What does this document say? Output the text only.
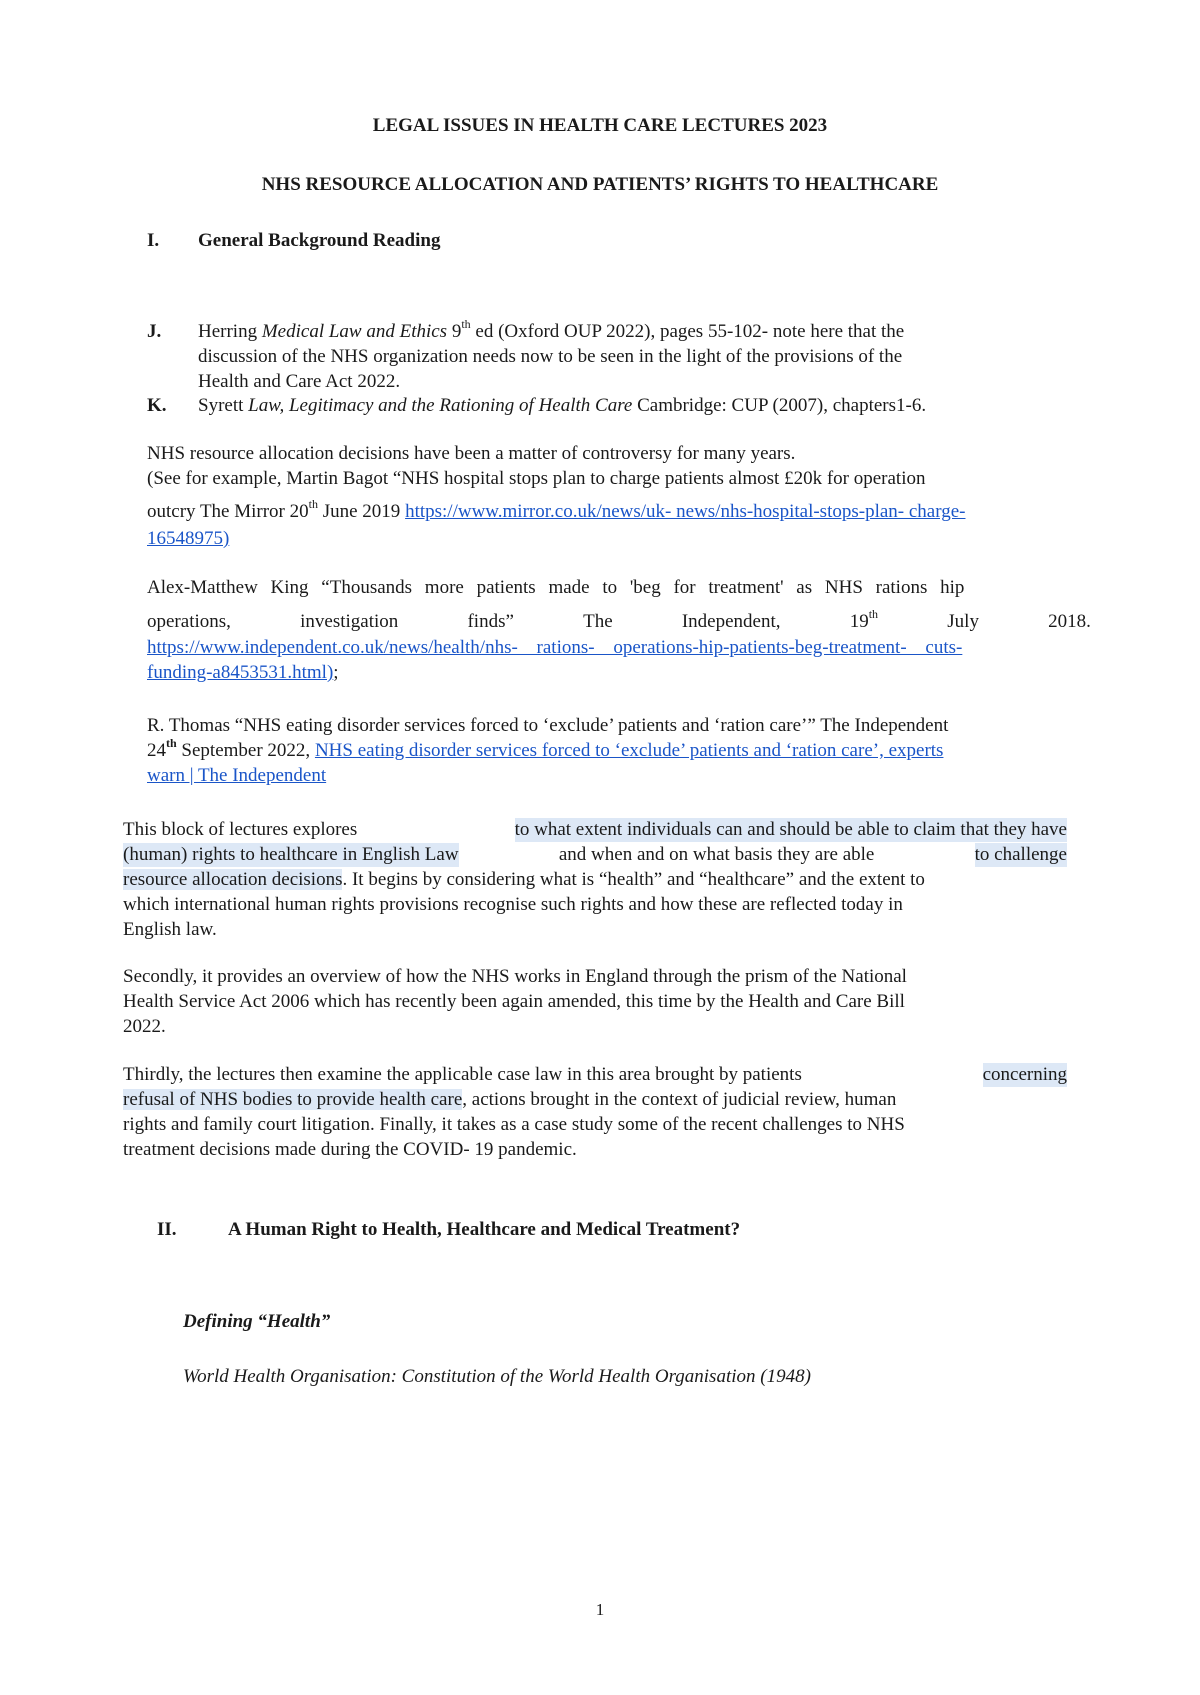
LEGAL ISSUES IN HEALTH CARE LECTURES 2023
NHS RESOURCE ALLOCATION AND PATIENTS’ RIGHTS TO HEALTHCARE
I. General Background Reading
J. Herring Medical Law and Ethics 9th ed (Oxford OUP 2022), pages 55-102- note here that the
discussion of the NHS organization needs now to be seen in the light of the provisions of the
Health and Care Act 2022.
K. Syrett Law, Legitimacy and the Rationing of Health Care Cambridge: CUP (2007), chapters1-6.
NHS resource allocation decisions have been a matter of controversy for many years.
(See for example, Martin Bagot “NHS hospital stops plan to charge patients almost £20k for operation
outcry The Mirror 20th June 2019 https://www.mirror.co.uk/news/uk- news/nhs-hospital-stops-plan- charge-
16548975)
Alex-Matthew King “Thousands more patients made to 'beg for treatment' as NHS rations hip
operations,	investigation	finds”	The	Independent,	19th	July	2018.
https://www.independent.co.uk/news/health/nhs- rations- operations-hip-patients-beg-treatment- cuts-
funding-a8453531.html);
R. Thomas “NHS eating disorder services forced to ‘exclude’ patients and ‘ration care’” The Independent
24th September 2022, NHS eating disorder services forced to ‘exclude’ patients and ‘ration care’, experts
warn | The Independent
This block of lectures explores	to what extent individuals can and should be able to claim that they have
(human) rights to healthcare in English Law	and when and on what basis they are able	to challenge
resource allocation decisions. It begins by considering what is “health” and “healthcare” and the extent to
which international human rights provisions recognise such rights and how these are reflected today in
English law.
Secondly, it provides an overview of how the NHS works in England through the prism of the National
Health Service Act 2006 which has recently been again amended, this time by the Health and Care Bill
2022.
Thirdly, the lectures then examine the applicable case law in this area brought by patients	concerning
refusal of NHS bodies to provide health care, actions brought in the context of judicial review, human
rights and family court litigation. Finally, it takes as a case study some of the recent challenges to NHS
treatment decisions made during the COVID- 19 pandemic.
II.	A Human Right to Health, Healthcare and Medical Treatment?
Defining “Health”
World Health Organisation: Constitution of the World Health Organisation (1948)
1
